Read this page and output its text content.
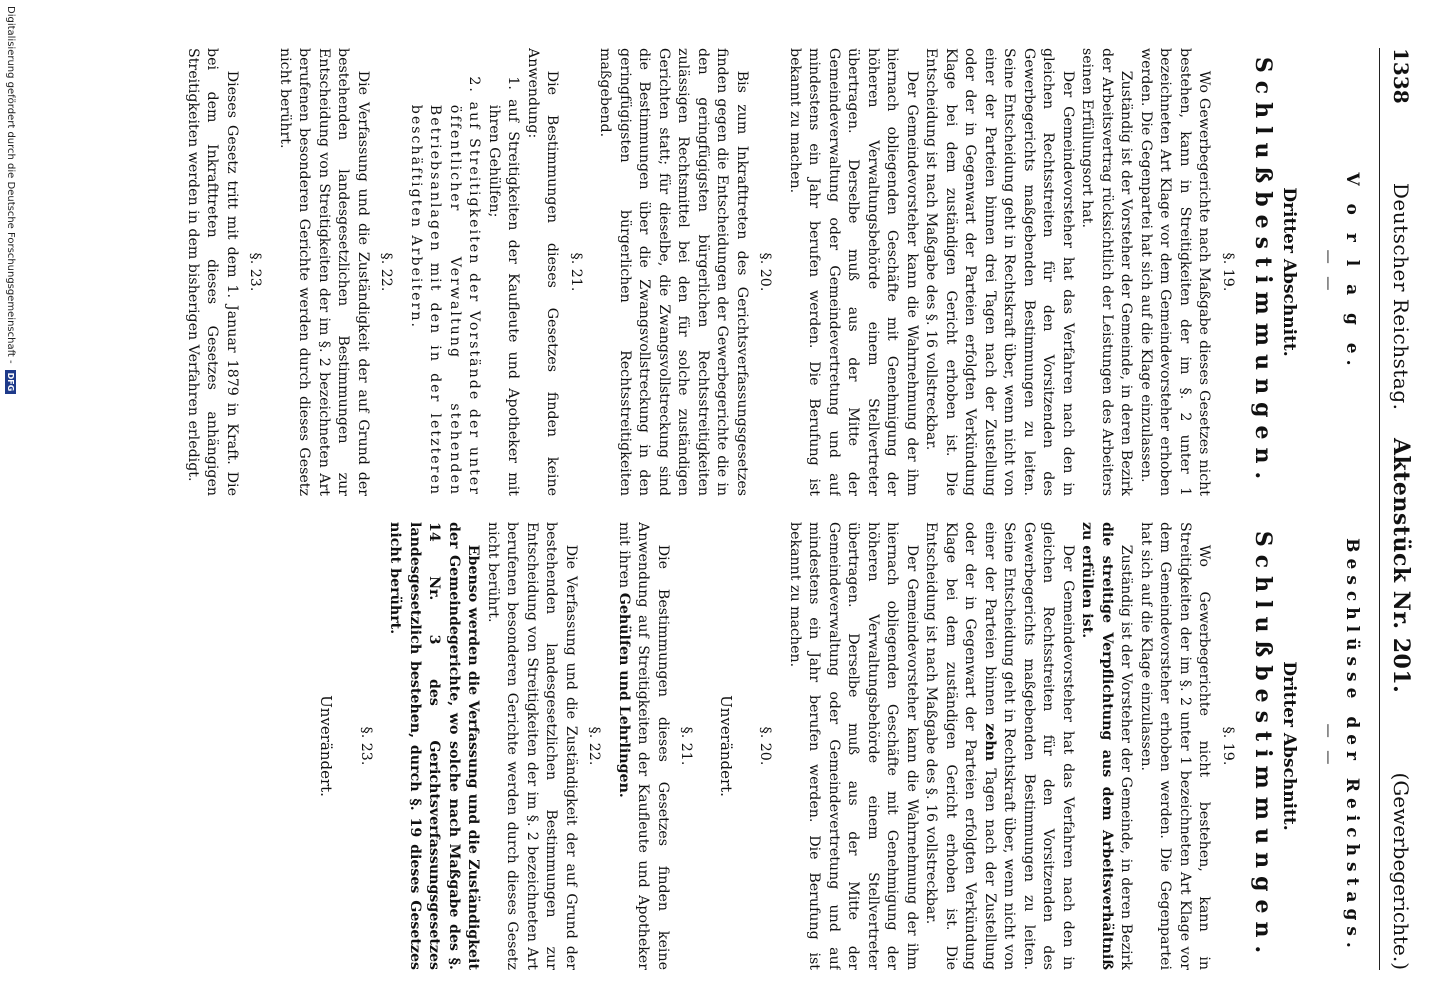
1338
Deutscher Reichstag.    Aktenstück Nr. 201.
(Gewerbegerichte.)
V o r l a g e.
— —
Dritter Abschnitt.
Schlußbestimmungen.
§. 19.

Wo Gewerbegerichte nach Maßgabe dieses Gesetzes nicht bestehen, kann in Streitigkeiten der im §. 2 unter 1 bezeichneten Art Klage vor dem Gemeindevorsteher erhoben werden. Die Gegenpartei hat sich auf die Klage einzulassen.

Zuständig ist der Vorsteher der Gemeinde, in deren Bezirk der Arbeitsvertrag rücksichtlich der Leistungen des Arbeiters seinen Erfüllungsort hat.

Der Gemeindevorsteher hat das Verfahren nach den in gleichen Rechtsstreiten für den Vorsitzenden des Gewerbegerichts maßgebenden Bestimmungen zu leiten. Seine Entscheidung geht in Rechtskraft über, wenn nicht von einer der Parteien binnen drei Tagen nach der Zustellung oder der in Gegenwart der Parteien erfolgten Verkündung Klage bei dem zuständigen Gericht erhoben ist. Die Entscheidung ist nach Maßgabe des §. 16 vollstreckbar.

Der Gemeindevorsteher kann die Wahrnehmung der ihm hiernach obliegenden Geschäfte mit Genehmigung der höheren Verwaltungsbehörde einem Stellvertreter übertragen. Derselbe muß aus der Mitte der Gemeindeverwaltung oder Gemeindevertretung und auf mindestens ein Jahr berufen werden. Die Berufung ist bekannt zu machen.

§. 20.

Bis zum Inkrafttreten des Gerichtsverfassungsgesetzes finden gegen die Entscheidungen der Gewerbegerichte die in den geringfügigsten bürgerlichen Rechtsstreitigkeiten zulässigen Rechtsmittel bei den für solche zuständigen Gerichten statt; für dieselbe, die Zwangsvollstreckung sind die Bestimmungen über die Zwangsvollstreckung in den geringfügigsten bürgerlichen Rechtsstreitigkeiten maßgebend.

§. 21.

Die Bestimmungen dieses Gesetzes finden keine Anwendung:

1. auf Streitigkeiten der Kaufleute und Apotheker mit ihren Gehülfen;

2. auf Streitigkeiten der Vorstände der unter öffentlicher Verwaltung stehenden Betriebsanlagen mit den in der letzteren beschäftigten Arbeitern.

§. 22.

Die Verfassung und die Zuständigkeit der auf Grund der bestehenden landesgesetzlichen Bestimmungen zur Entscheidung von Streitigkeiten der im §. 2 bezeichneten Art berufenen besonderen Gerichte werden durch dieses Gesetz nicht berührt.

§. 23.

Dieses Gesetz tritt mit dem 1. Januar 1879 in Kraft. Die bei dem Inkrafttreten dieses Gesetzes anhängigen Streitigkeiten werden in dem bisherigen Verfahren erledigt.

Beschlüsse der Reichstags.
— —
Dritter Abschnitt.
Schlußbestimmungen.
§. 19.

Wo Gewerbegerichte nicht bestehen, kann in Streitigkeiten der im §. 2 unter 1 bezeichneten Art Klage vor dem Gemeindevorsteher erhoben werden. Die Gegenpartei hat sich auf die Klage einzulassen.

Zuständig ist der Vorsteher der Gemeinde, in deren Bezirk die streitige Verpflichtung aus dem Arbeitsverhältniß zu erfüllen ist.

Der Gemeindevorsteher hat das Verfahren nach den in gleichen Rechtsstreiten für den Vorsitzenden des Gewerbegerichts maßgebenden Bestimmungen zu leiten. Seine Entscheidung geht in Rechtskraft über, wenn nicht von einer der Parteien binnen zehn Tagen nach der Zustellung oder der in Gegenwart der Parteien erfolgten Verkündung Klage bei dem zuständigen Gericht erhoben ist. Die Entscheidung ist nach Maßgabe des §. 16 vollstreckbar.

Der Gemeindevorsteher kann die Wahrnehmung der ihm hiernach obliegenden Geschäfte mit Genehmigung der höheren Verwaltungsbehörde einem Stellvertreter übertragen. Derselbe muß aus der Mitte der Gemeindeverwaltung oder Gemeindevertretung und auf mindestens ein Jahr berufen werden. Die Berufung ist bekannt zu machen.

§. 20.
Unverändert.
§. 21.

Die Bestimmungen dieses Gesetzes finden keine Anwendung auf Streitigkeiten der Kaufleute und Apotheker mit ihren Gehülfen und Lehrlingen.

§. 22.

Die Verfassung und die Zuständigkeit der auf Grund der bestehenden landesgesetzlichen Bestimmungen zur Entscheidung von Streitigkeiten der im §. 2 bezeichneten Art berufenen besonderen Gerichte werden durch dieses Gesetz nicht berührt.

Ebenso werden die Verfassung und die Zuständigkeit der Gemeindegerichte, wo solche nach Maßgabe des §. 14 Nr. 3 des Gerichtsverfassungsgesetzes landesgesetzlich bestehen, durch §. 19 dieses Gesetzes nicht berührt.

§. 23.
Unverändert.
Digitalisierung gefördert durch die Deutsche Forschungsgemeinschaft -
DFG
